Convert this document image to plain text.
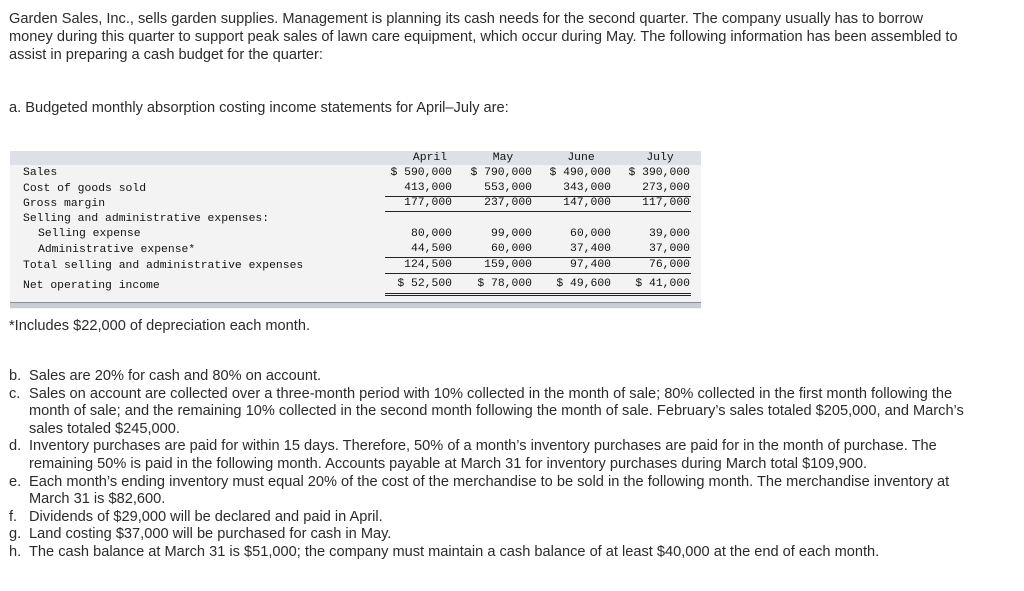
Garden Sales, Inc., sells garden supplies. Management is planning its cash needs for the second quarter. The company usually has to borrow money during this quarter to support peak sales of lawn care equipment, which occur during May. The following information has been assembled to assist in preparing a cash budget for the quarter:
a. Budgeted monthly absorption costing income statements for April–July are:
April	May	June	July
Sales	$ 590,000	$ 790,000	$ 490,000	$ 390,000
Cost of goods sold	413,000	553,000	343,000	273,000
Gross margin	177,000	237,000	147,000	117,000
Selling and administrative expenses:
Selling expense	80,000	99,000	60,000	39,000
Administrative expense*	44,500	60,000	37,400	37,000
Total selling and administrative expenses	124,500	159,000	97,400	76,000
Net operating income	$ 52,500	$ 78,000	$ 49,600	$ 41,000
*Includes $22,000 of depreciation each month.
b. Sales are 20% for cash and 80% on account.
c. Sales on account are collected over a three-month period with 10% collected in the month of sale; 80% collected in the first month following the month of sale; and the remaining 10% collected in the second month following the month of sale. February’s sales totaled $205,000, and March’s sales totaled $245,000.
d. Inventory purchases are paid for within 15 days. Therefore, 50% of a month’s inventory purchases are paid for in the month of purchase. The remaining 50% is paid in the following month. Accounts payable at March 31 for inventory purchases during March total $109,900.
e. Each month’s ending inventory must equal 20% of the cost of the merchandise to be sold in the following month. The merchandise inventory at March 31 is $82,600.
f. Dividends of $29,000 will be declared and paid in April.
g. Land costing $37,000 will be purchased for cash in May.
h. The cash balance at March 31 is $51,000; the company must maintain a cash balance of at least $40,000 at the end of each month.
